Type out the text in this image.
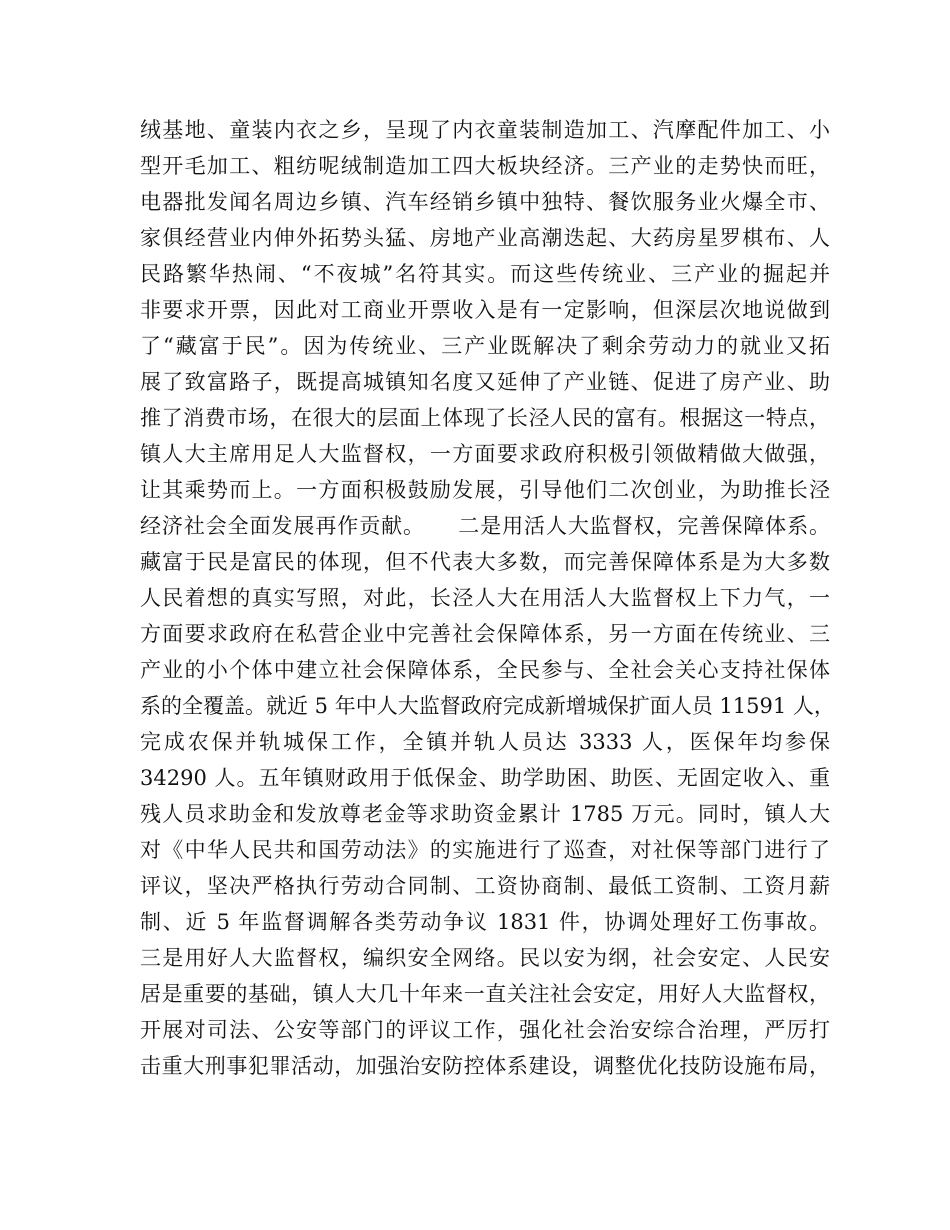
绒基地、童装内衣之乡，呈现了内衣童装制造加工、汽摩配件加工、小
型开毛加工、粗纺呢绒制造加工四大板块经济。三产业的走势快而旺，
电器批发闻名周边乡镇、汽车经销乡镇中独特、餐饮服务业火爆全市、
家俱经营业内伸外拓势头猛、房地产业高潮迭起、大药房星罗棋布、人
民路繁华热闹、“不夜城”名符其实。而这些传统业、三产业的掘起并
非要求开票，因此对工商业开票收入是有一定影响，但深层次地说做到
了“藏富于民”。因为传统业、三产业既解决了剩余劳动力的就业又拓
展了致富路子，既提高城镇知名度又延伸了产业链、促进了房产业、助
推了消费市场，在很大的层面上体现了长泾人民的富有。根据这一特点，
镇人大主席用足人大监督权，一方面要求政府积极引领做精做大做强，
让其乘势而上。一方面积极鼓励发展，引导他们二次创业，为助推长泾
经济社会全面发展再作贡献。　　二是用活人大监督权，完善保障体系。
藏富于民是富民的体现，但不代表大多数，而完善保障体系是为大多数
人民着想的真实写照，对此，长泾人大在用活人大监督权上下力气，一
方面要求政府在私营企业中完善社会保障体系，另一方面在传统业、三
产业的小个体中建立社会保障体系，全民参与、全社会关心支持社保体
系的全覆盖。就近 5 年中人大监督政府完成新增城保扩面人员 11591 人，
完成农保并轨城保工作，全镇并轨人员达 3333 人，医保年均参保
34290 人。五年镇财政用于低保金、助学助困、助医、无固定收入、重
残人员求助金和发放尊老金等求助资金累计 1785 万元。同时，镇人大
对《中华人民共和国劳动法》的实施进行了巡查，对社保等部门进行了
评议，坚决严格执行劳动合同制、工资协商制、最低工资制、工资月薪
制、近 5 年监督调解各类劳动争议 1831 件，协调处理好工伤事故。
三是用好人大监督权，编织安全网络。民以安为纲，社会安定、人民安
居是重要的基础，镇人大几十年来一直关注社会安定，用好人大监督权，
开展对司法、公安等部门的评议工作，强化社会治安综合治理，严厉打
击重大刑事犯罪活动，加强治安防控体系建设，调整优化技防设施布局，
